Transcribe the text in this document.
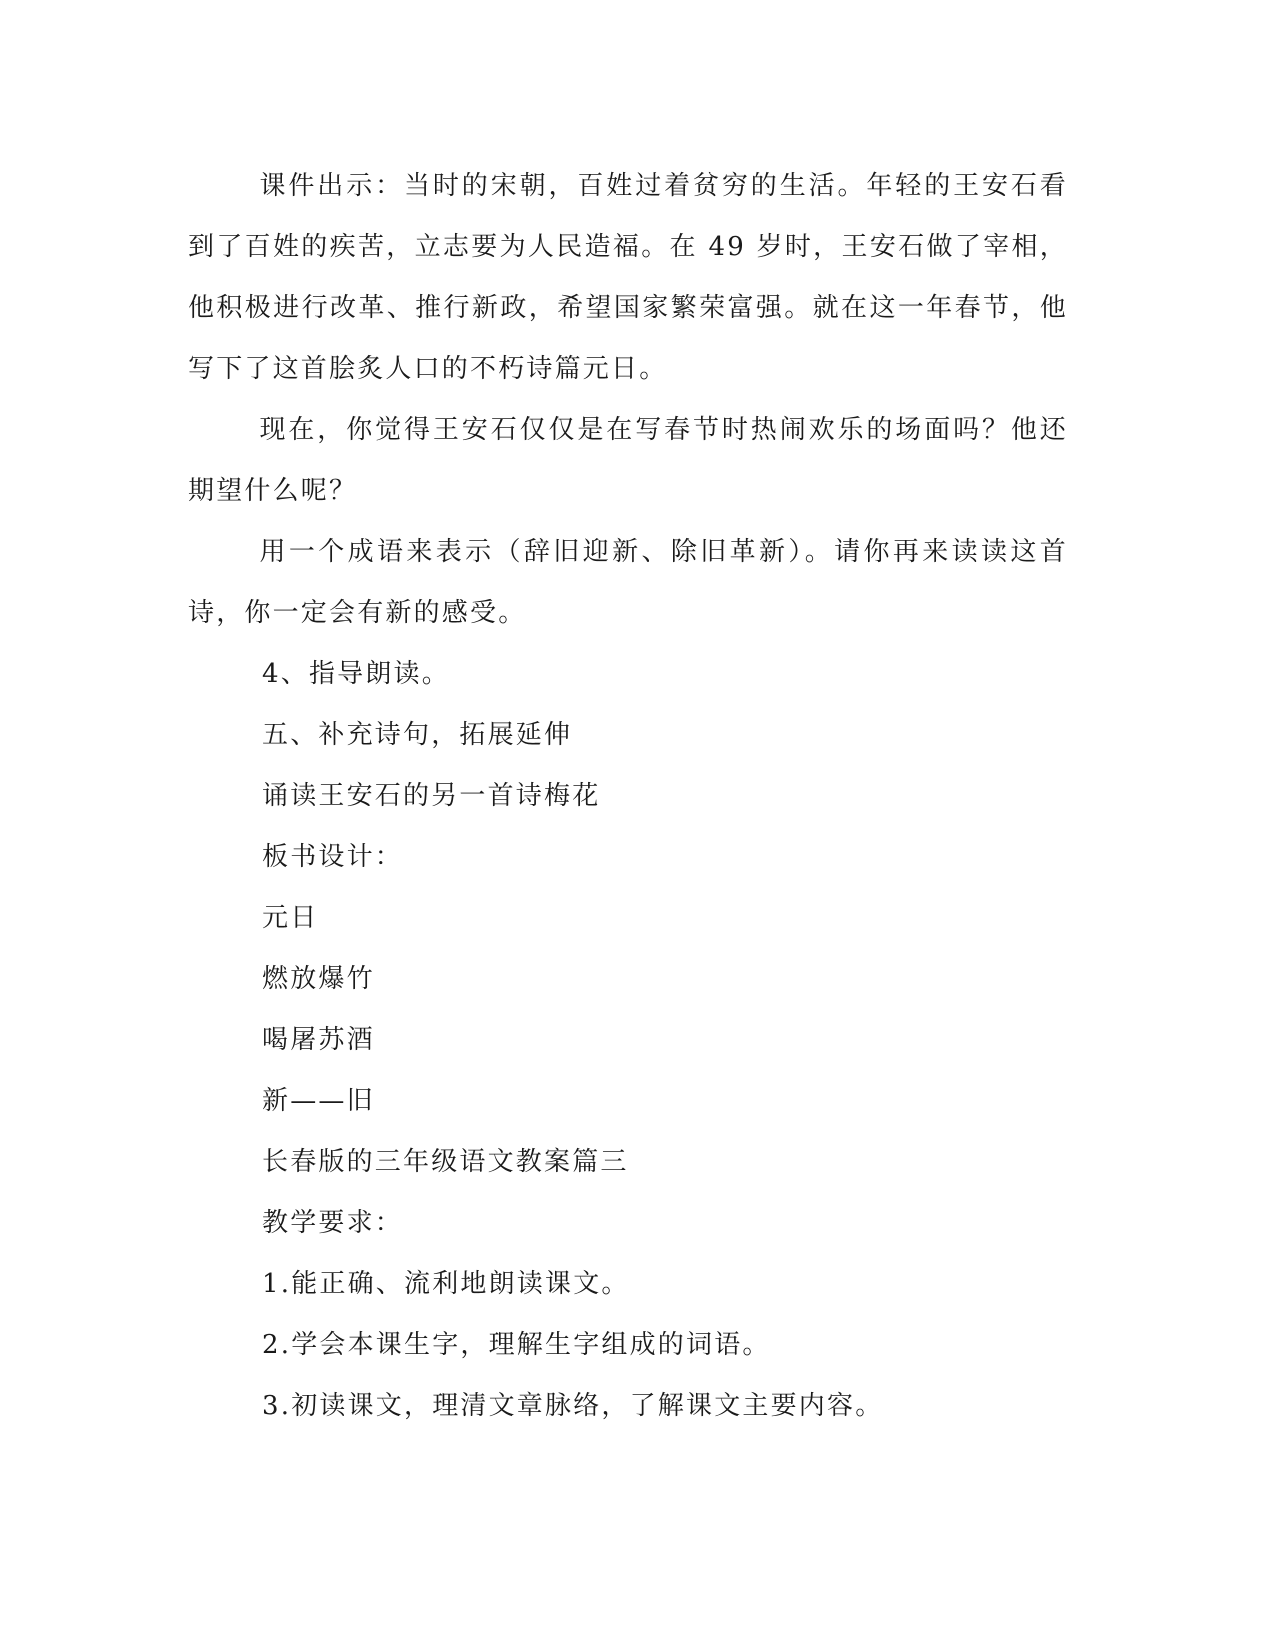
课件出示：当时的宋朝，百姓过着贫穷的生活。年轻的王安石看到了百姓的疾苦，立志要为人民造福。在 49 岁时，王安石做了宰相，他积极进行改革、推行新政，希望国家繁荣富强。就在这一年春节，他写下了这首脍炙人口的不朽诗篇元日。

现在，你觉得王安石仅仅是在写春节时热闹欢乐的场面吗？他还期望什么呢？

用一个成语来表示（辞旧迎新、除旧革新）。请你再来读读这首诗，你一定会有新的感受。

4、指导朗读。

五、补充诗句，拓展延伸

诵读王安石的另一首诗梅花

板书设计：

元日

燃放爆竹

喝屠苏酒

新——旧

长春版的三年级语文教案篇三

教学要求：

1.能正确、流利地朗读课文。

2.学会本课生字，理解生字组成的词语。

3.初读课文，理清文章脉络，了解课文主要内容。
